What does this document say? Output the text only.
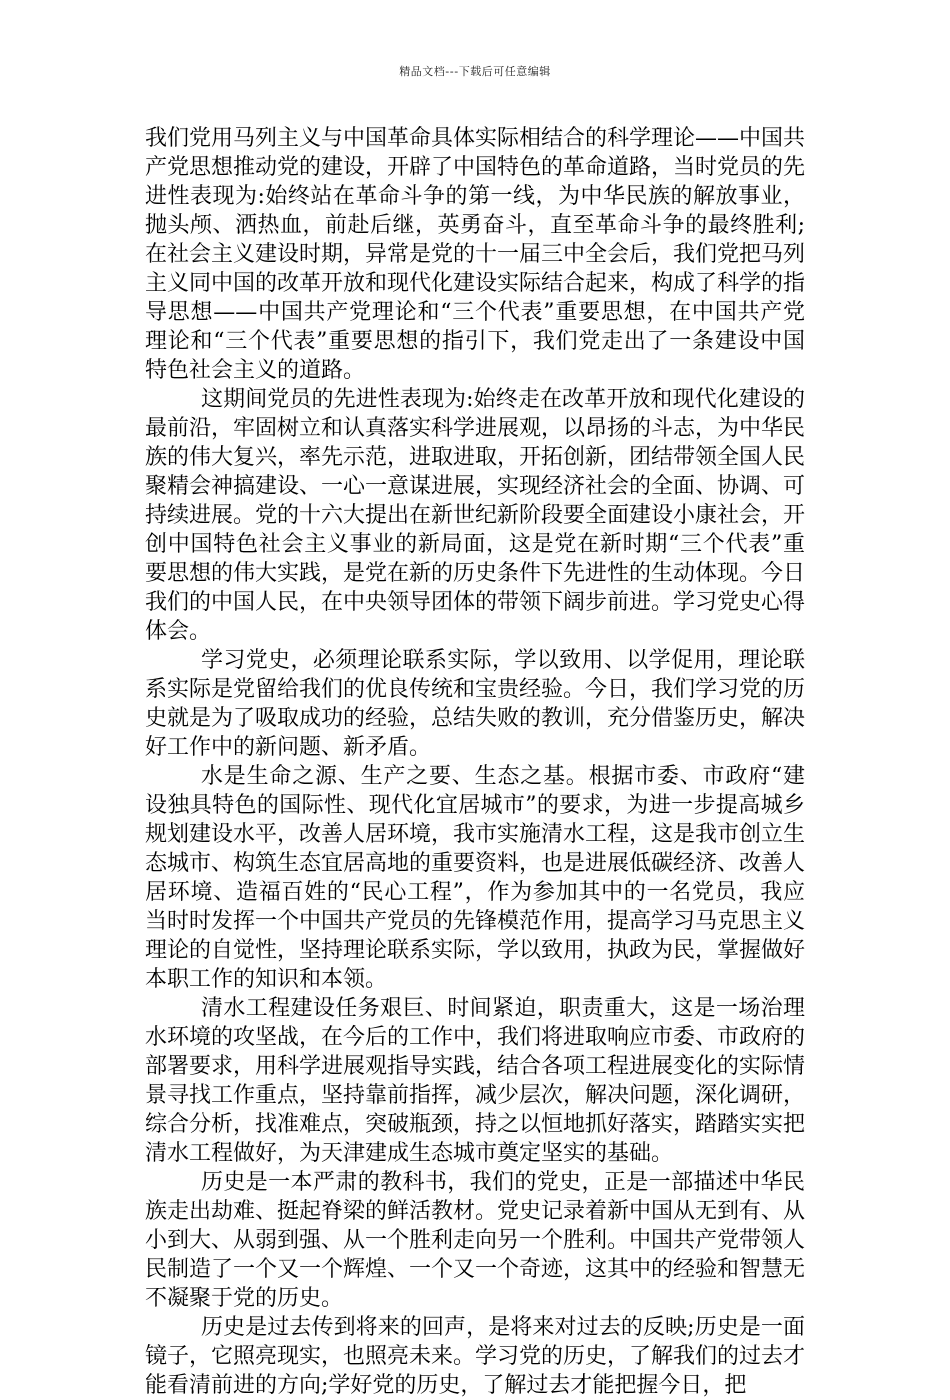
精品文档---下载后可任意编辑

我们党用马列主义与中国革命具体实际相结合的科学理论——中国共产党思想推动党的建设，开辟了中国特色的革命道路，当时党员的先进性表现为:始终站在革命斗争的第一线，为中华民族的解放事业，抛头颅、洒热血，前赴后继，英勇奋斗，直至革命斗争的最终胜利;在社会主义建设时期，异常是党的十一届三中全会后，我们党把马列主义同中国的改革开放和现代化建设实际结合起来，构成了科学的指导思想——中国共产党理论和“三个代表”重要思想，在中国共产党理论和“三个代表”重要思想的指引下，我们党走出了一条建设中国特色社会主义的道路。

这期间党员的先进性表现为:始终走在改革开放和现代化建设的最前沿，牢固树立和认真落实科学进展观，以昂扬的斗志，为中华民族的伟大复兴，率先示范，进取进取，开拓创新，团结带领全国人民聚精会神搞建设、一心一意谋进展，实现经济社会的全面、协调、可持续进展。党的十六大提出在新世纪新阶段要全面建设小康社会，开创中国特色社会主义事业的新局面，这是党在新时期“三个代表”重要思想的伟大实践，是党在新的历史条件下先进性的生动体现。今日我们的中国人民，在中央领导团体的带领下阔步前进。学习党史心得体会。

学习党史，必须理论联系实际，学以致用、以学促用，理论联系实际是党留给我们的优良传统和宝贵经验。今日，我们学习党的历史就是为了吸取成功的经验，总结失败的教训，充分借鉴历史，解决好工作中的新问题、新矛盾。

水是生命之源、生产之要、生态之基。根据市委、市政府“建设独具特色的国际性、现代化宜居城市”的要求，为进一步提高城乡规划建设水平，改善人居环境，我市实施清水工程，这是我市创立生态城市、构筑生态宜居高地的重要资料，也是进展低碳经济、改善人居环境、造福百姓的“民心工程”，作为参加其中的一名党员，我应当时时发挥一个中国共产党员的先锋模范作用，提高学习马克思主义理论的自觉性，坚持理论联系实际，学以致用，执政为民，掌握做好本职工作的知识和本领。

清水工程建设任务艰巨、时间紧迫，职责重大，这是一场治理水环境的攻坚战，在今后的工作中，我们将进取响应市委、市政府的部署要求，用科学进展观指导实践，结合各项工程进展变化的实际情景寻找工作重点，坚持靠前指挥，减少层次，解决问题，深化调研，综合分析，找准难点，突破瓶颈，持之以恒地抓好落实，踏踏实实把清水工程做好，为天津建成生态城市奠定坚实的基础。

历史是一本严肃的教科书，我们的党史，正是一部描述中华民族走出劫难、挺起脊梁的鲜活教材。党史记录着新中国从无到有、从小到大、从弱到强、从一个胜利走向另一个胜利。中国共产党带领人民制造了一个又一个辉煌、一个又一个奇迹，这其中的经验和智慧无不凝聚于党的历史。

历史是过去传到将来的回声，是将来对过去的反映;历史是一面镜子，它照亮现实，也照亮未来。学习党的历史，了解我们的过去才能看清前进的方向;学好党的历史，了解过去才能把握今日，把
